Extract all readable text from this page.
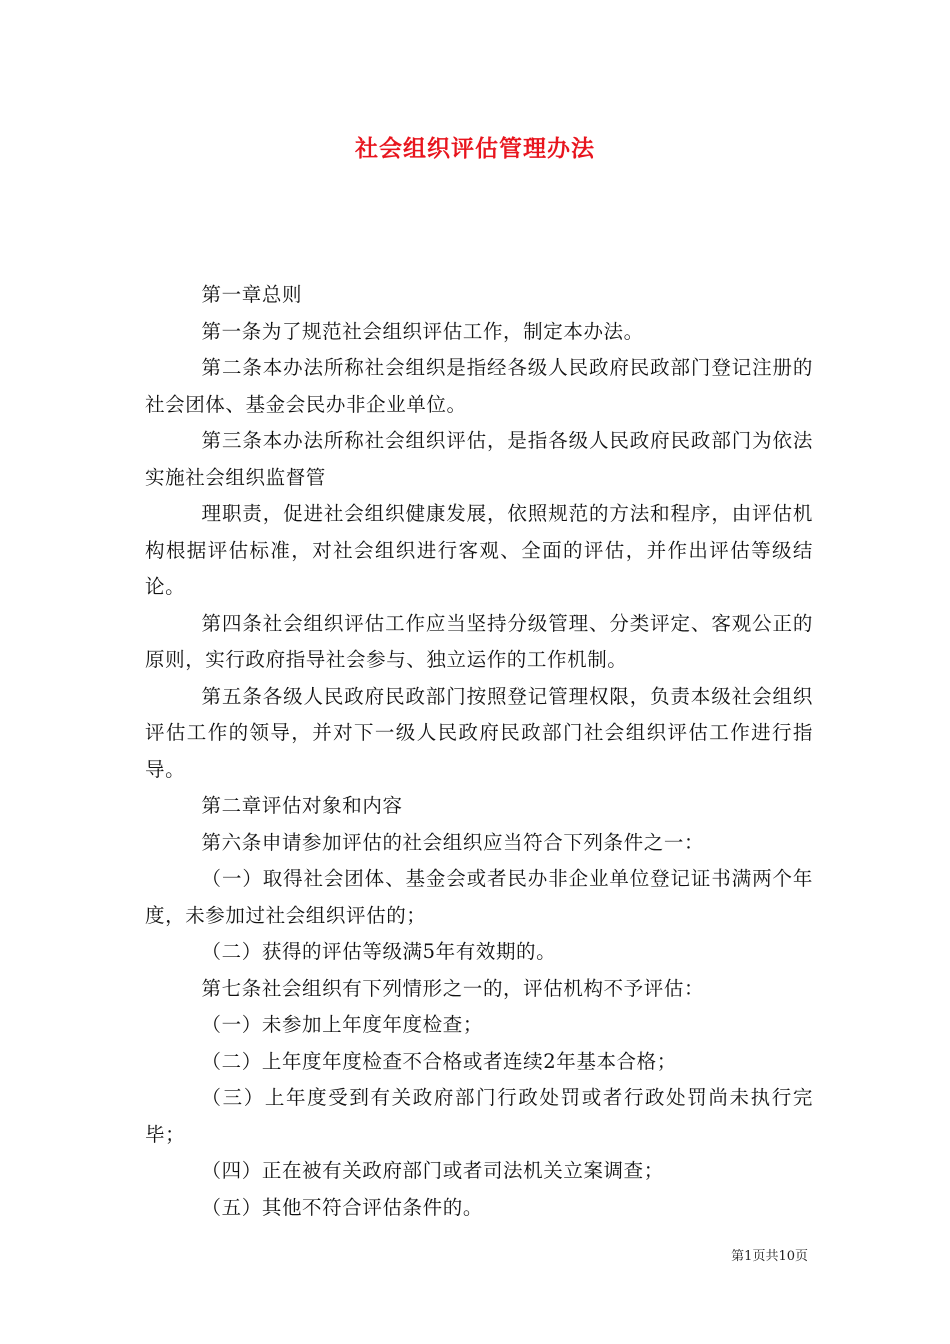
社会组织评估管理办法

第一章总则

第一条为了规范社会组织评估工作，制定本办法。

第二条本办法所称社会组织是指经各级人民政府民政部门登记注册的社会团体、基金会民办非企业单位。

第三条本办法所称社会组织评估，是指各级人民政府民政部门为依法实施社会组织监督管

理职责，促进社会组织健康发展，依照规范的方法和程序，由评估机构根据评估标准，对社会组织进行客观、全面的评估，并作出评估等级结论。

第四条社会组织评估工作应当坚持分级管理、分类评定、客观公正的原则，实行政府指导社会参与、独立运作的工作机制。

第五条各级人民政府民政部门按照登记管理权限，负责本级社会组织评估工作的领导，并对下一级人民政府民政部门社会组织评估工作进行指导。

第二章评估对象和内容

第六条申请参加评估的社会组织应当符合下列条件之一：

（一）取得社会团体、基金会或者民办非企业单位登记证书满两个年度，未参加过社会组织评估的；

（二）获得的评估等级满5年有效期的。

第七条社会组织有下列情形之一的，评估机构不予评估：

（一）未参加上年度年度检查；

（二）上年度年度检查不合格或者连续2年基本合格；

（三）上年度受到有关政府部门行政处罚或者行政处罚尚未执行完毕；

（四）正在被有关政府部门或者司法机关立案调查；

（五）其他不符合评估条件的。

第1页共10页
